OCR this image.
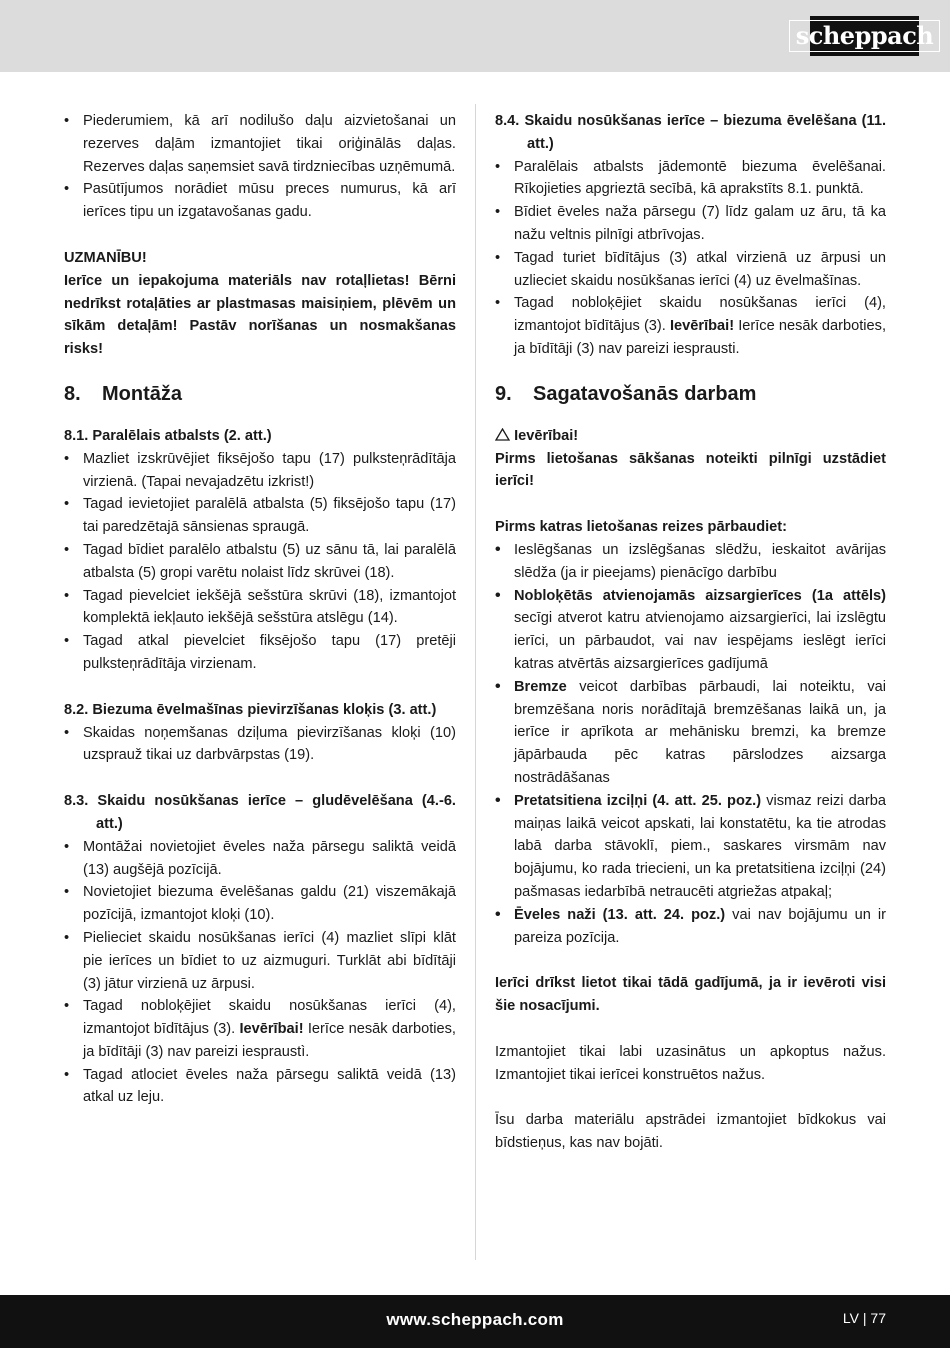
scheppach
• Piederumiem, kā arī nodilušo daļu aizvietošanai un rezerves daļām izmantojiet tikai oriģinālās daļas. Rezerves daļas saņemsiet savā tirdzniecības uzņēmumā.
• Pasūtījumos norādiet mūsu preces numurus, kā arī ierīces tipu un izgatavošanas gadu.
UZMANĪBU!
Ierīce un iepakojuma materiāls nav rotaļlietas! Bērni nedrīkst rotaļāties ar plastmasas maisiņiem, plēvēm un sīkām detaļām! Pastāv norīšanas un nosmakšanas risks!
8. Montāža
8.1. Paralēlais atbalsts (2. att.)
• Mazliet izskrūvējiet fiksējošo tapu (17) pulksteņrādītāja virzienā. (Tapai nevajadzētu izkrist!)
• Tagad ievietojiet paralēlā atbalsta (5) fiksējošo tapu (17) tai paredzētajā sānsienas spraugā.
• Tagad bīdiet paralēlo atbalstu (5) uz sānu tā, lai paralēlā atbalsta (5) gropi varētu nolaist līdz skrūvei (18).
• Tagad pievelciet iekšējā sešstūra skrūvi (18), izmantojot komplektā iekļauto iekšējā sešstūra atslēgu (14).
• Tagad atkal pievelciet fiksējošo tapu (17) pretēji pulksteņrādītāja virzienam.
8.2. Biezuma ēvelmašīnas pievirzīšanas kloķis (3. att.)
• Skaidas noņemšanas dziļuma pievirzīšanas kloķi (10) uzsprauž tikai uz darbvārpstas (19).
8.3. Skaidu nosūkšanas ierīce – gludēvelēšana (4.-6. att.)
• Montāžai novietojiet ēveles naža pārsegu saliktā veidā (13) augšējā pozīcijā.
• Novietojiet biezuma ēvelēšanas galdu (21) viszemākajā pozīcijā, izmantojot kloķi (10).
• Pielieciet skaidu nosūkšanas ierīci (4) mazliet slīpi klāt pie ierīces un bīdiet to uz aizmuguri. Turklāt abi bīdītāji (3) jātur virzienā uz ārpusi.
• Tagad nobloķējiet skaidu nosūkšanas ierīci (4), izmantojot bīdītājus (3). Ievērībai! Ierīce nesāk darboties, ja bīdītāji (3) nav pareizi iespraustì.
• Tagad atlociet ēveles naža pārsegu saliktā veidā (13) atkal uz leju.
8.4. Skaidu nosūkšanas ierīce – biezuma ēvelēšana (11. att.)
• Paralēlais atbalsts jādemontē biezuma ēvelēšanai. Rīkojieties apgrieztā secībā, kā aprakstīts 8.1. punktā.
• Bīdiet ēveles naža pārsegu (7) līdz galam uz āru, tā ka nažu veltnis pilnīgi atbrīvojas.
• Tagad turiet bīdītājus (3) atkal virzienā uz ārpusi un uzlieciet skaidu nosūkšanas ierīci (4) uz ēvelmašīnas.
• Tagad nobloķējiet skaidu nosūkšanas ierīci (4), izmantojot bīdītājus (3). Ievērībai! Ierīce nesāk darboties, ja bīdītāji (3) nav pareizi iesprausti.
9. Sagatavošanās darbam
Ievērībai!
Pirms lietošanas sākšanas noteikti pilnīgi uzstādiet ierīci!
Pirms katras lietošanas reizes pārbaudiet:
• Ieslēgšanas un izslēgšanas slēdžu, ieskaitot avārijas slēdža (ja ir pieejams) pienācīgo darbību
• Nobloķētās atvienojamās aizsargierīces (1a attēls) secīgi atverot katru atvienojamo aizsargierīci, lai izslēgtu ierīci, un pārbaudot, vai nav iespējams ieslēgt ierīci katras atvērtās aizsargierīces gadījumā
• Bremze veicot darbības pārbaudi, lai noteiktu, vai bremzēšana noris norādītajā bremzēšanas laikā un, ja ierīce ir aprīkota ar mehānisku bremzi, ka bremze jāpārbauda pēc katras pārslodzes aizsarga nostrādāšanas
• Pretatsitiena izciļņi (4. att. 25. poz.) vismaz reizi darba maiņas laikā veicot apskati, lai konstatētu, ka tie atrodas labā darba stāvoklī, piem., saskares virsmām nav bojājumu, ko rada triecieni, un ka pretatsitiena izciļņi (24) pašmasas iedarbībā netraucēti atgriežas atpakaļ;
• Ēveles naži (13. att. 24. poz.) vai nav bojājumu un ir pareiza pozīcija.
Ierīci drīkst lietot tikai tādā gadījumā, ja ir ievēroti visi šie nosacījumi.
Izmantojiet tikai labi uzasinātus un apkoptus nažus. Izmantojiet tikai ierīcei konstruētos nažus.
Īsu darba materiālu apstrādei izmantojiet bīdkokus vai bīdstieņus, kas nav bojāti.
www.scheppach.com	LV | 77
